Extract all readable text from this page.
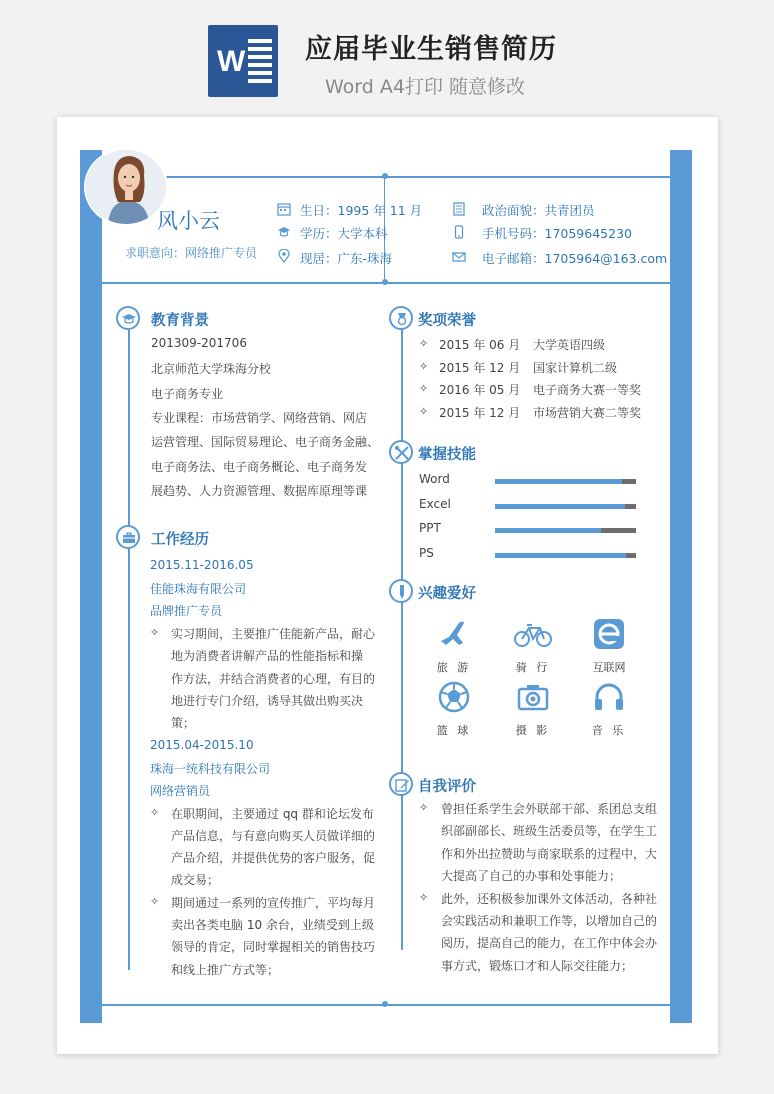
W 应届毕业生销售简历
Word A4打印 随意修改
风小云
求职意向：网络推广专员
生日：1995 年 11 月
学历：大学本科
现居：广东-珠海
政治面貌：共青团员
手机号码：17059645230
电子邮箱：1705964@163.com
教育背景
201309-201706
北京师范大学珠海分校
电子商务专业
专业课程：市场营销学、网络营销、网店
运营管理、国际贸易理论、电子商务金融、
电子商务法、电子商务概论、电子商务发
展趋势、人力资源管理、数据库原理等课
工作经历
2015.11-2016.05
佳能珠海有限公司
品牌推广专员
✧ 实习期间，主要推广佳能新产品，耐心
地为消费者讲解产品的性能指标和操
作方法，并结合消费者的心理，有目的
地进行专门介绍，诱导其做出购买决
策；
2015.04-2015.10
珠海一统科技有限公司
网络营销员
✧ 在职期间，主要通过 qq 群和论坛发布
产品信息，与有意向购买人员做详细的
产品介绍，并提供优势的客户服务，促
成交易；
✧ 期间通过一系列的宣传推广，平均每月
卖出各类电脑 10 余台，业绩受到上级
领导的肯定，同时掌握相关的销售技巧
和线上推广方式等；
奖项荣誉
✧ 2015 年 06 月 大学英语四级
✧ 2015 年 12 月 国家计算机二级
✧ 2016 年 05 月 电子商务大赛一等奖
✧ 2015 年 12 月 市场营销大赛二等奖
掌握技能
Word
Excel
PPT
PS
兴趣爱好
旅 游	骑 行	互联网
篮 球	摄 影	音 乐
自我评价
✧ 曾担任系学生会外联部干部、系团总支组
织部副部长、班级生活委员等，在学生工
作和外出拉赞助与商家联系的过程中，大
大提高了自己的办事和处事能力；
✧ 此外，还积极参加课外文体活动，各种社
会实践活动和兼职工作等，以增加自己的
阅历，提高自己的能力，在工作中体会办
事方式，锻炼口才和人际交往能力；
